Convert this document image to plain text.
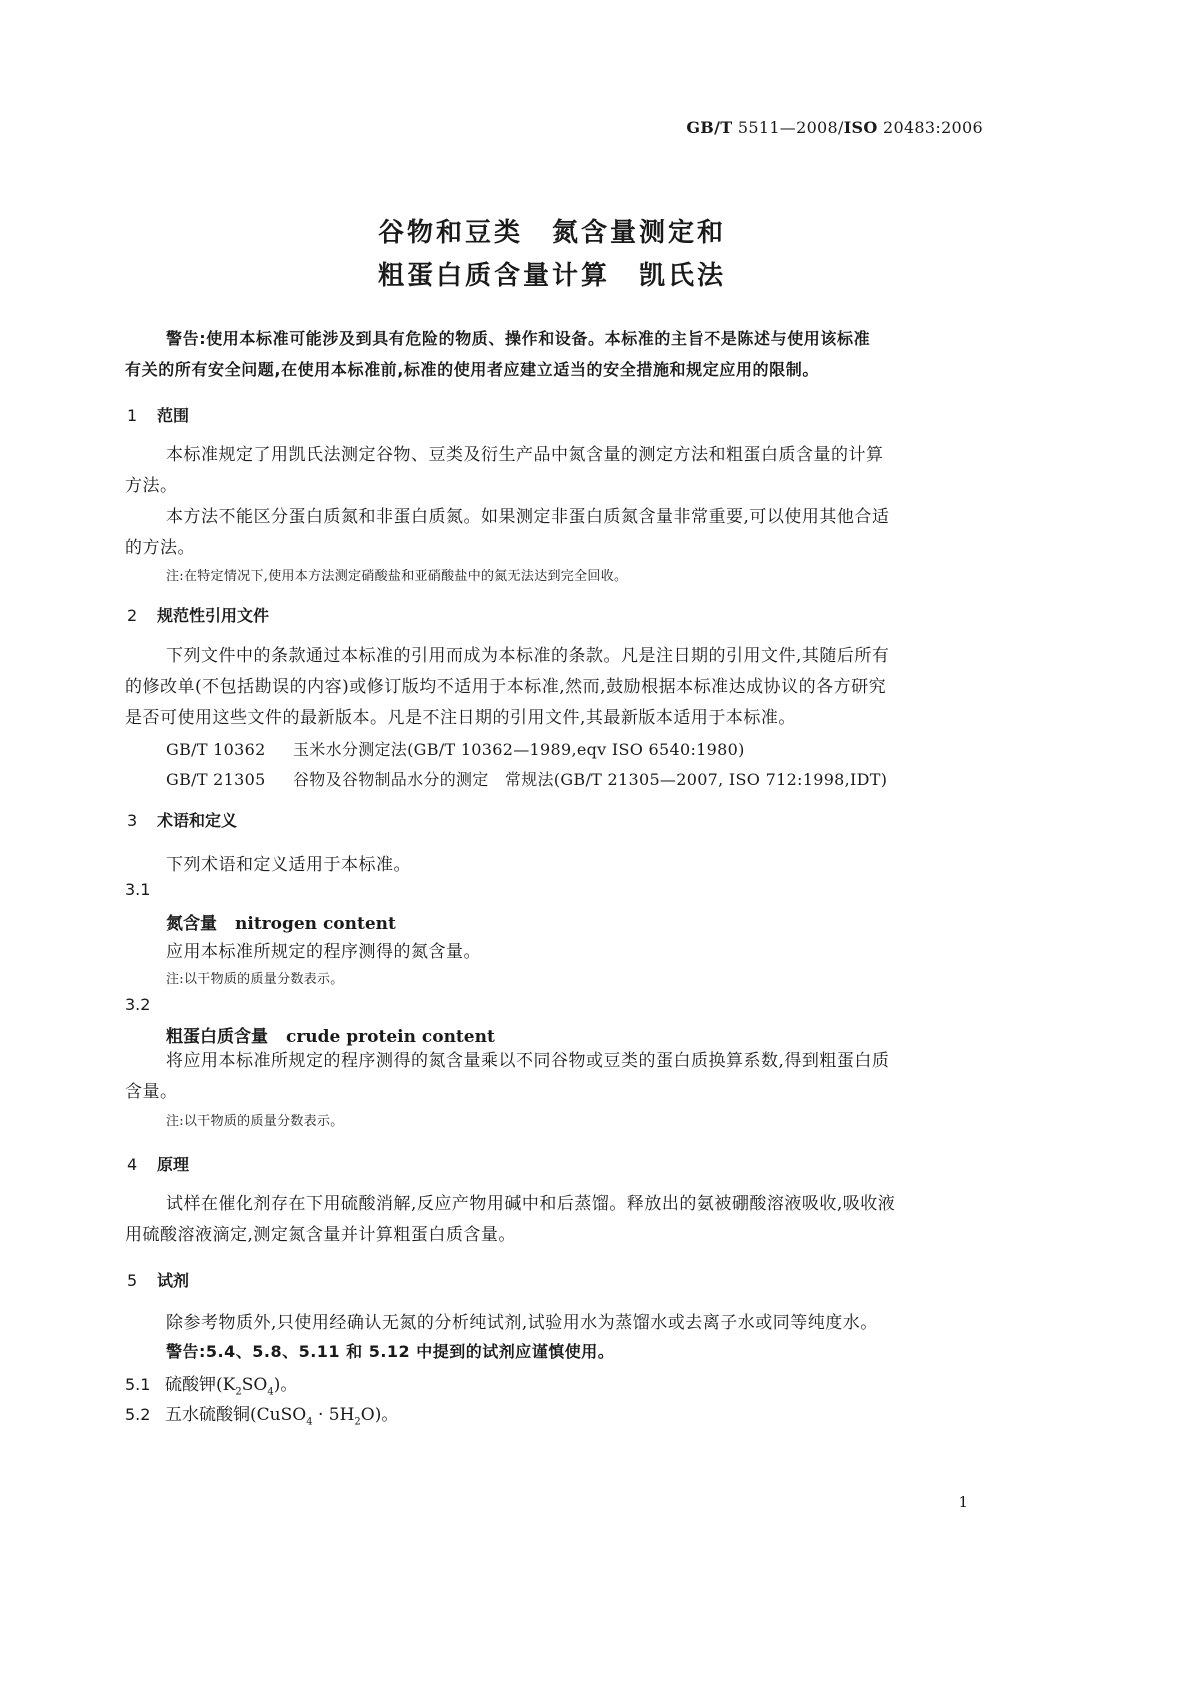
GB/T 5511—2008/ISO 20483:2006
谷物和豆类　氮含量测定和
粗蛋白质含量计算　凯氏法
警告:使用本标准可能涉及到具有危险的物质、操作和设备。本标准的主旨不是陈述与使用该标准
有关的所有安全问题,在使用本标准前,标准的使用者应建立适当的安全措施和规定应用的限制。
1 范围
本标准规定了用凯氏法测定谷物、豆类及衍生产品中氮含量的测定方法和粗蛋白质含量的计算
方法。
本方法不能区分蛋白质氮和非蛋白质氮。如果测定非蛋白质氮含量非常重要,可以使用其他合适
的方法。
注:在特定情况下,使用本方法测定硝酸盐和亚硝酸盐中的氮无法达到完全回收。
2 规范性引用文件
下列文件中的条款通过本标准的引用而成为本标准的条款。凡是注日期的引用文件,其随后所有
的修改单(不包括勘误的内容)或修订版均不适用于本标准,然而,鼓励根据本标准达成协议的各方研究
是否可使用这些文件的最新版本。凡是不注日期的引用文件,其最新版本适用于本标准。
GB/T 10362 玉米水分测定法(GB/T 10362—1989,eqv ISO 6540:1980)
GB/T 21305 谷物及谷物制品水分的测定　常规法(GB/T 21305—2007, ISO 712:1998,IDT)
3 术语和定义
下列术语和定义适用于本标准。
3.1
氮含量 nitrogen content
应用本标准所规定的程序测得的氮含量。
注:以干物质的质量分数表示。
3.2
粗蛋白质含量 crude protein content
将应用本标准所规定的程序测得的氮含量乘以不同谷物或豆类的蛋白质换算系数,得到粗蛋白质
含量。
注:以干物质的质量分数表示。
4 原理
试样在催化剂存在下用硫酸消解,反应产物用碱中和后蒸馏。释放出的氨被硼酸溶液吸收,吸收液
用硫酸溶液滴定,测定氮含量并计算粗蛋白质含量。
5 试剂
除参考物质外,只使用经确认无氮的分析纯试剂,试验用水为蒸馏水或去离子水或同等纯度水。
警告:5.4、5.8、5.11 和 5.12 中提到的试剂应谨慎使用。
5.1 硫酸钾$(K_2SO_4)$。
5.2 五水硫酸铜(CuSO$_4$ · $5H_2O$)。
1
